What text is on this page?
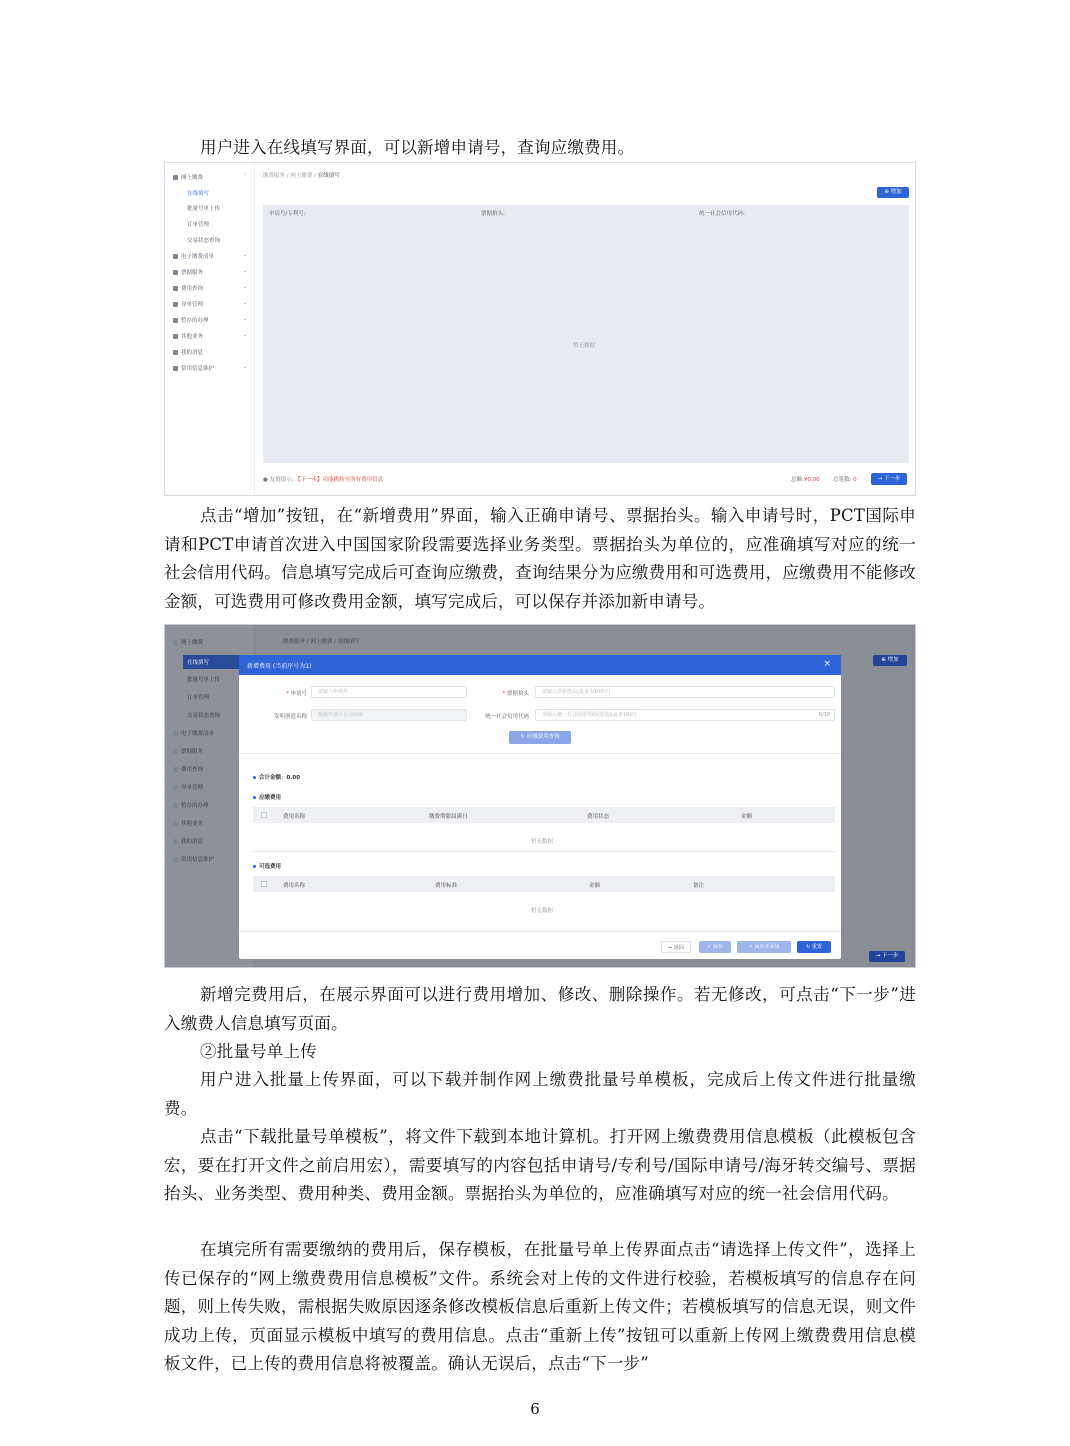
用户进入在线填写界面，可以新增申请号，查询应缴费用。
网上缴费	⌃
在线填写
批量号单上传
订单管理
交易状态查询
电子缴费清单	⌄
票据服务	⌄
费用查询	⌄
导单管理	⌄
暂存的办理	⌄
其他业务	⌄
我的消息
常用信息维护	⌄
缴费服务 / 网上缴费 / 在线填写
⊕ 增加
申请号/专利号:	票据抬头:	统一社会信用代码:
暂无数据
● 友情提示: 【下一步】功能跳转至所有费用信息	总额:¥0.00 总笔数: 0	→ 下一步
点击“增加”按钮，在“新增费用”界面，输入正确申请号、票据抬头。输入申请号时，PCT国际申请和PCT申请首次进入中国国家阶段需要选择业务类型。票据抬头为单位的，应准确填写对应的统一社会信用代码。信息填写完成后可查询应缴费，查询结果分为应缴费用和可选费用，应缴费用不能修改金额，可选费用可修改费用金额，填写完成后，可以保存并添加新申请号。
网上缴费
在线填写
批量号单上传
订单管理
交易状态查询
电子缴费清单
票据服务
费用查询
导单管理
暂存的办理
其他业务
我的消息
常用信息维护
缴费服务 / 网上缴费 / 在线填写
⊕ 增加
→ 下一步
新增费用 (当前序号为1)	×
* 申请号	请输入申请号	* 票据抬头	请输入票据抬头(最多为100字)
发明创造名称	根据申请号自动获取	统一社会信用代码	请输入统一社会信用代码(选填)(最多18位)	0/18
↻ 应缴费用查询
合计金额：0.00
应缴费用
费用名称	缴费期限届满日	费用状态	金额
暂无数据
可选费用
费用名称	费用标准	金额	备注
暂无数据
⇐ 返回	✓ 保存	✓ 保存并添加	↻ 重置
新增完费用后，在展示界面可以进行费用增加、修改、删除操作。若无修改，可点击“下一步”进入缴费人信息填写页面。
②批量号单上传
用户进入批量上传界面，可以下载并制作网上缴费批量号单模板，完成后上传文件进行批量缴费。
点击“下载批量号单模板”，将文件下载到本地计算机。打开网上缴费费用信息模板（此模板包含宏，要在打开文件之前启用宏），需要填写的内容包括申请号/专利号/国际申请号/海牙转交编号、票据抬头、业务类型、费用种类、费用金额。票据抬头为单位的，应准确填写对应的统一社会信用代码。
在填完所有需要缴纳的费用后，保存模板，在批量号单上传界面点击“请选择上传文件”，选择上传已保存的“网上缴费费用信息模板”文件。系统会对上传的文件进行校验，若模板填写的信息存在问题，则上传失败，需根据失败原因逐条修改模板信息后重新上传文件；若模板填写的信息无误，则文件成功上传，页面显示模板中填写的费用信息。点击“重新上传”按钮可以重新上传网上缴费费用信息模板文件，已上传的费用信息将被覆盖。确认无误后，点击“下一步”
6
